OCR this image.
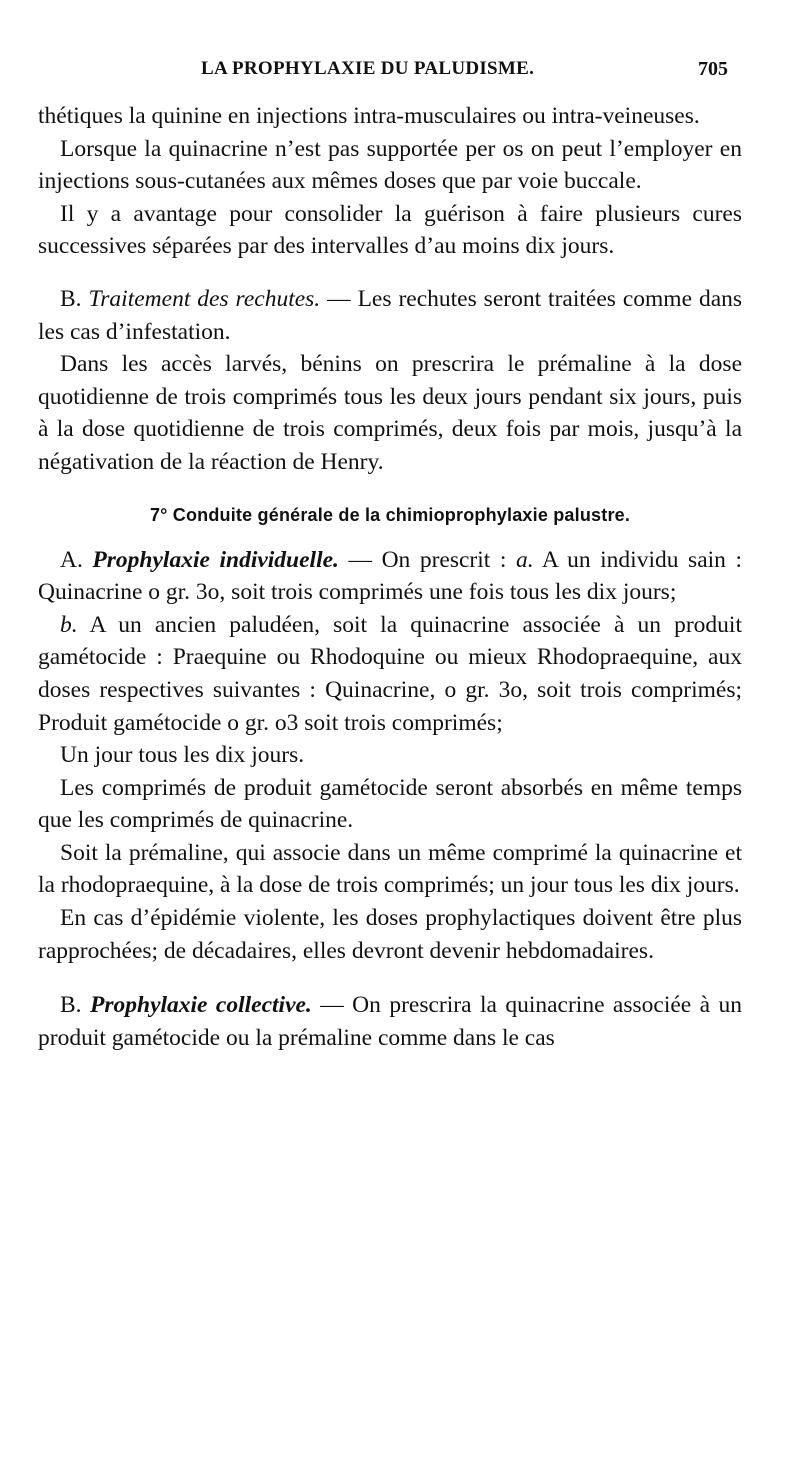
LA PROPHYLAXIE DU PALUDISME.	705

thétiques la quinine en injections intra-musculaires ou intra-veineuses.

Lorsque la quinacrine n’est pas supportée per os on peut l’employer en injections sous-cutanées aux mêmes doses que par voie buccale.

Il y a avantage pour consolider la guérison à faire plusieurs cures successives séparées par des intervalles d’au moins dix jours.

B. Traitement des rechutes. — Les rechutes seront traitées comme dans les cas d’infestation.

Dans les accès larvés, bénins on prescrira le prémaline à la dose quotidienne de trois comprimés tous les deux jours pendant six jours, puis à la dose quotidienne de trois comprimés, deux fois par mois, jusqu’à la négativation de la réaction de Henry.

7° Conduite générale de la chimioprophylaxie palustre.

A. Prophylaxie individuelle. — On prescrit : a. A un individu sain : Quinacrine o gr. 3o, soit trois comprimés une fois tous les dix jours;

b. A un ancien paludéen, soit la quinacrine associée à un produit gamétocide : Praequine ou Rhodoquine ou mieux Rhodopraequine, aux doses respectives suivantes : Quinacrine, o gr. 3o, soit trois comprimés; Produit gamétocide o gr. o3 soit trois comprimés;

Un jour tous les dix jours.

Les comprimés de produit gamétocide seront absorbés en même temps que les comprimés de quinacrine.

Soit la prémaline, qui associe dans un même comprimé la quinacrine et la rhodopraequine, à la dose de trois comprimés; un jour tous les dix jours.

En cas d’épidémie violente, les doses prophylactiques doivent être plus rapprochées; de décadaires, elles devront devenir hebdomadaires.

B. Prophylaxie collective. — On prescrira la quinacrine associée à un produit gamétocide ou la prémaline comme dans le cas
